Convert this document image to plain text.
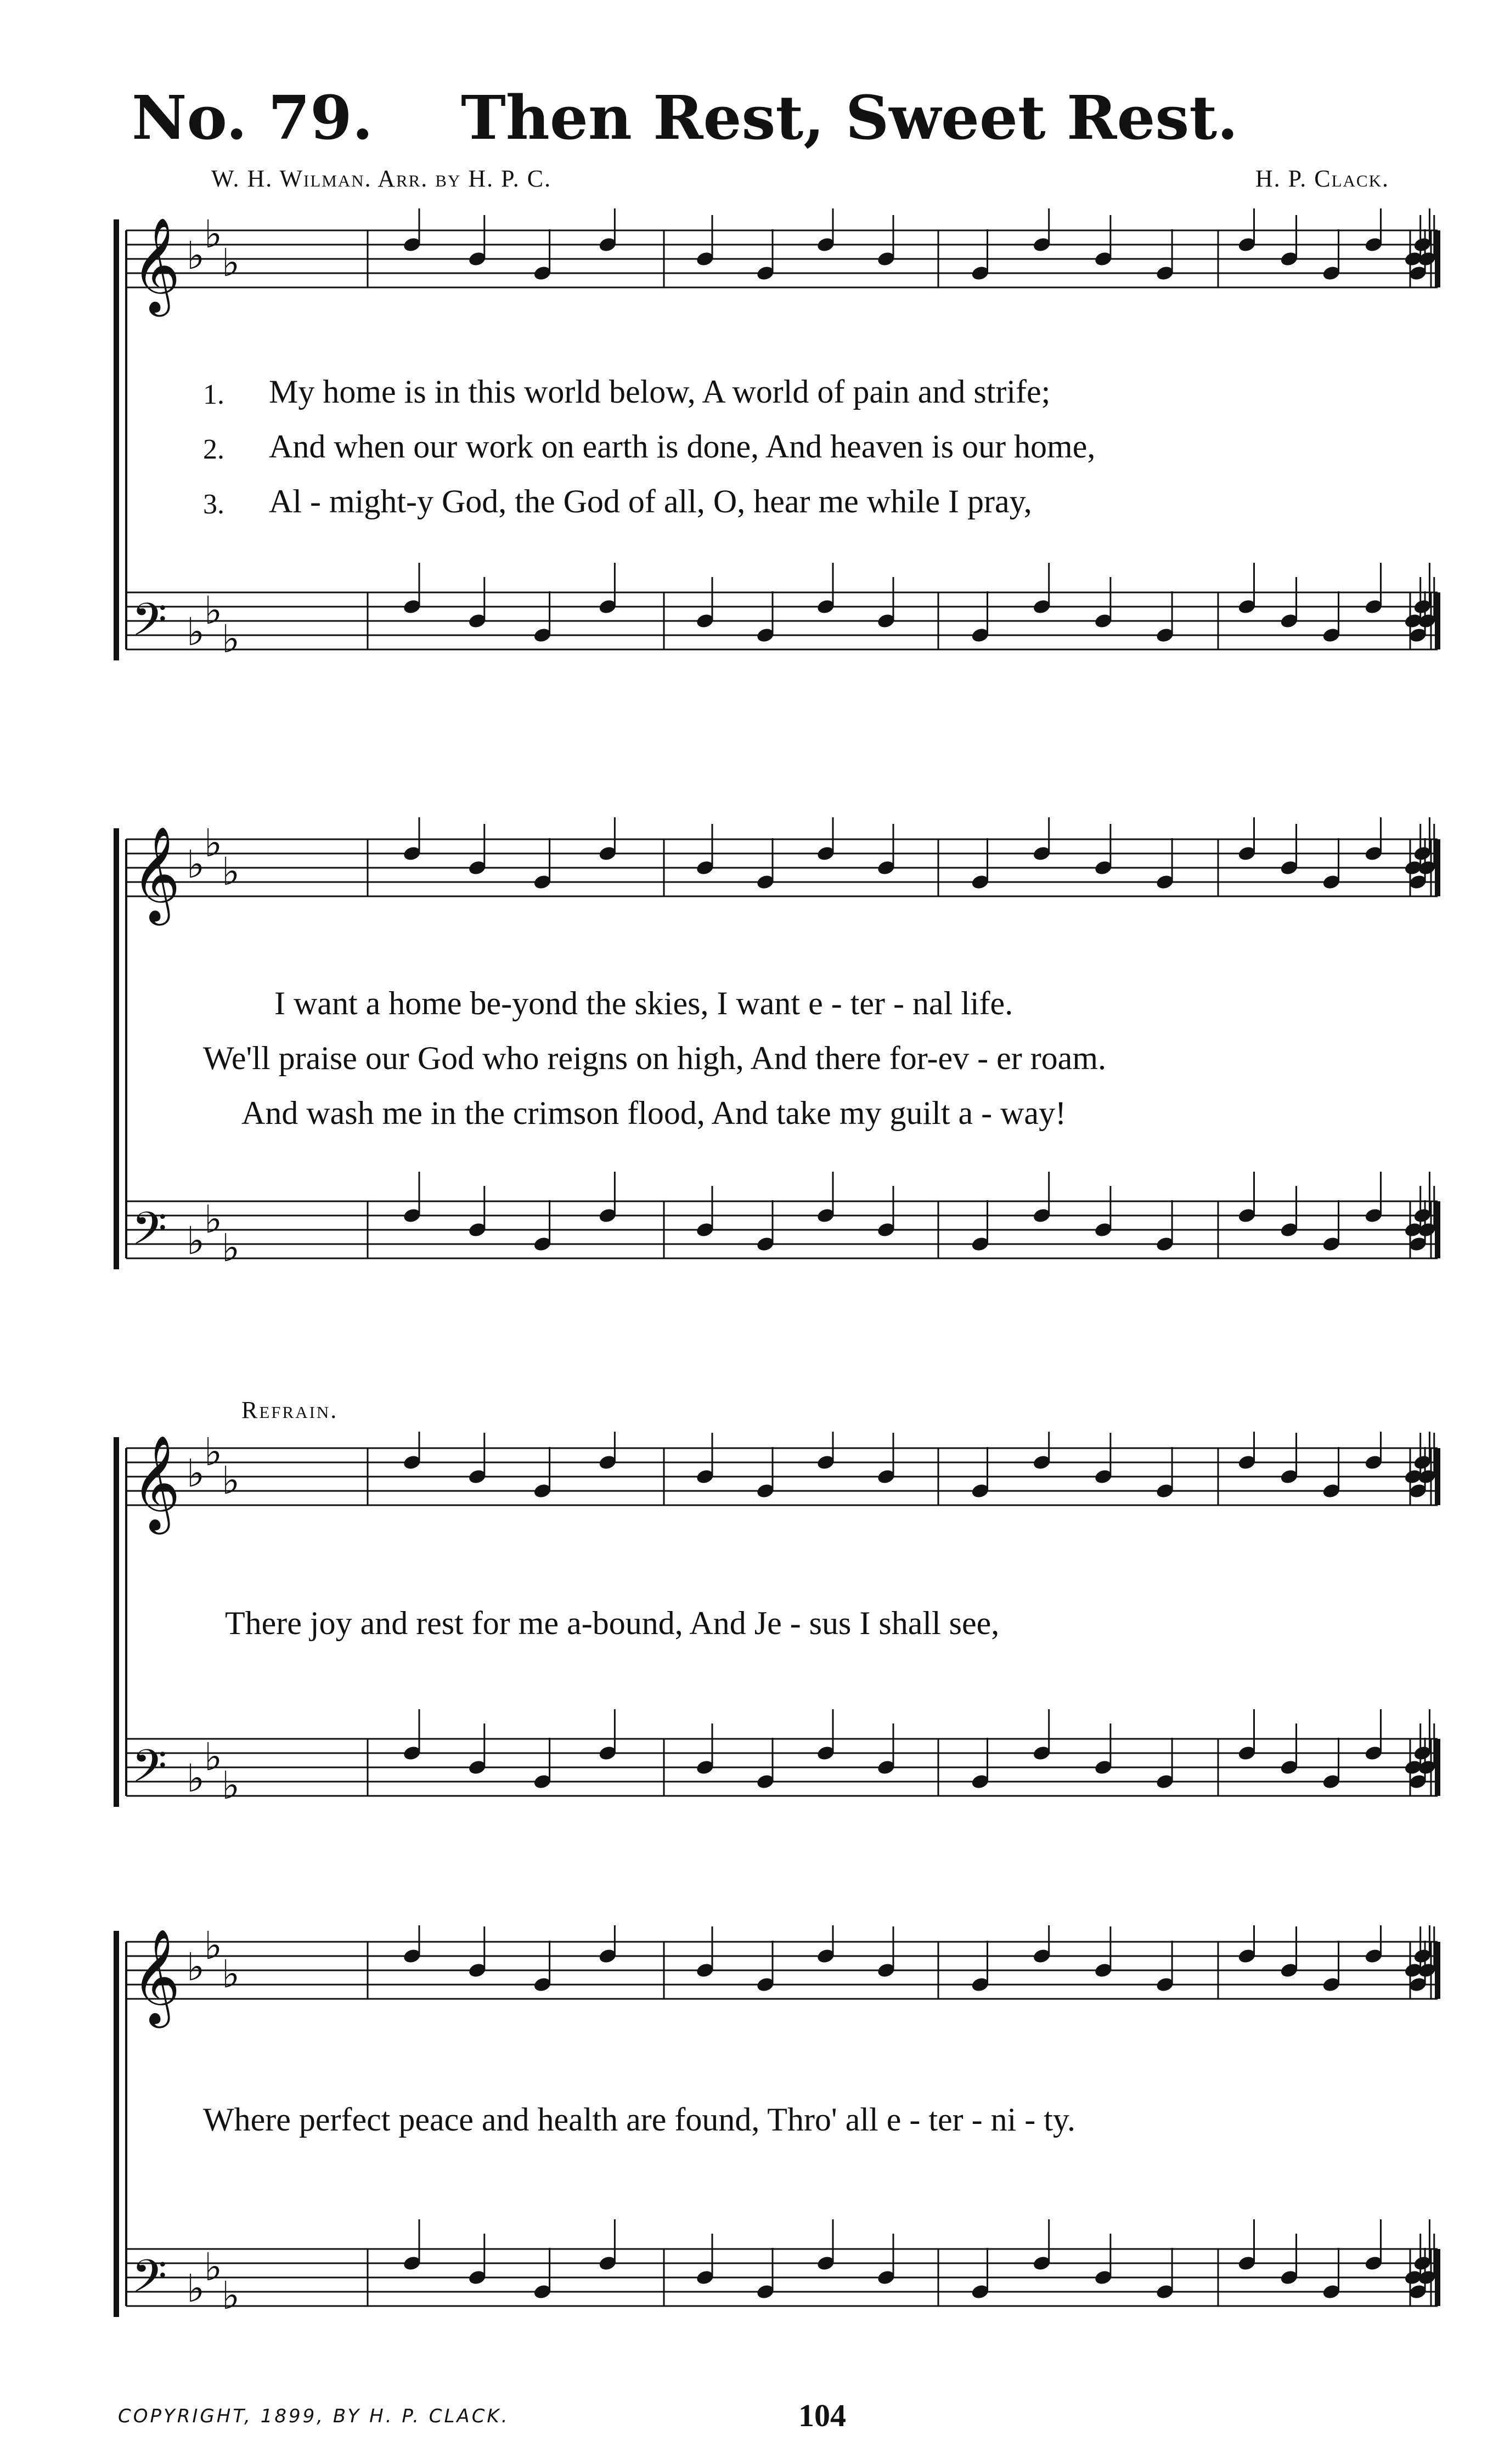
No. 79. Then Rest, Sweet Rest.
W. H. Wilman. Arr. by H. P. C.	H. P. Clack.
𝄞 ♭
♭
♭
𝄢 ♭
♭
♭
1. My home is in this world below, A world of pain and strife;
2. And when our work on earth is done, And heaven is our home,
3. Al - might-y God, the God of all, O, hear me while I pray,
𝄞 ♭
♭
♭
𝄢 ♭
♭
♭
I want a home be-yond the skies, I want e - ter - nal life.
We'll praise our God who reigns on high, And there for-ev - er roam.
And wash me in the crimson flood, And take my guilt a - way!
Refrain.
𝄞 ♭
♭
♭
𝄢 ♭
♭
♭
There joy and rest for me a-bound, And Je - sus I shall see,
𝄞 ♭
♭
♭
𝄢 ♭
♭
♭
Where perfect peace and health are found, Thro' all e - ter - ni - ty.
COPYRIGHT, 1899, BY H. P. CLACK.	104
